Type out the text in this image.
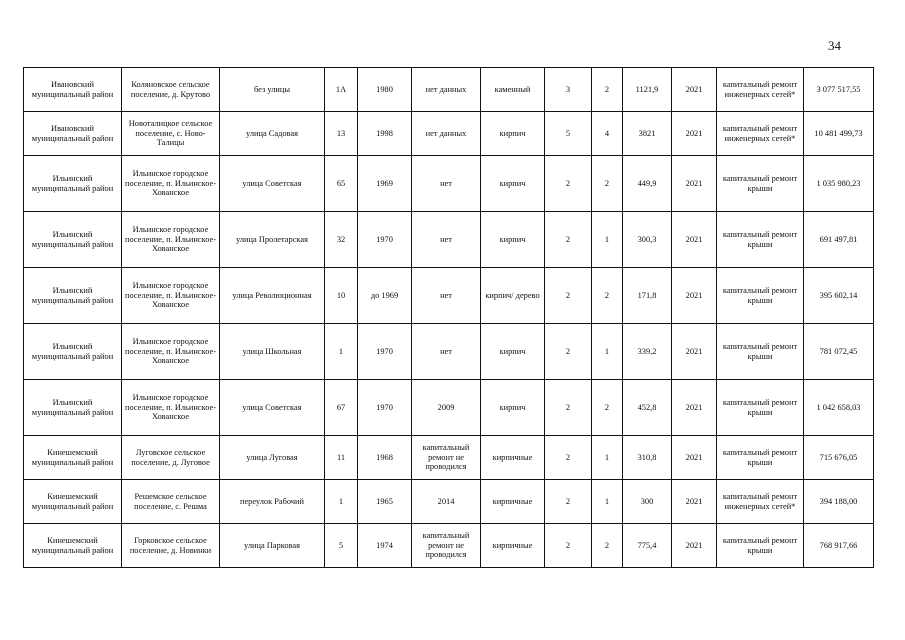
34
Ивановский муниципальный район	Коляновское сельское поселение, д. Крутово	без улицы	1А	1980	нет данных	каменный	3	2	1121,9	2021	капитальный ремонт инженерных сетей*	3 077 517,55
Ивановский муниципальный район	Новоталицкое сельское поселение, с. Ново-Талицы	улица Садовая	13	1998	нет данных	кирпич	5	4	3821	2021	капитальный ремонт инженерных сетей*	10 481 499,73
Ильинский муниципальный район	Ильинское городское поселение, п. Ильинское-Хованское	улица Советская	65	1969	нет	кирпич	2	2	449,9	2021	капитальный ремонт крыши	1 035 980,23
Ильинский муниципальный район	Ильинское городское поселение, п. Ильинское-Хованское	улица Пролетарская	32	1970	нет	кирпич	2	1	300,3	2021	капитальный ремонт крыши	691 497,81
Ильинский муниципальный район	Ильинское городское поселение, п. Ильинское-Хованское	улица Революционная	10	до 1969	нет	кирпич/ дерево	2	2	171,8	2021	капитальный ремонт крыши	395 602,14
Ильинский муниципальный район	Ильинское городское поселение, п. Ильинское-Хованское	улица Школьная	1	1970	нет	кирпич	2	1	339,2	2021	капитальный ремонт крыши	781 072,45
Ильинский муниципальный район	Ильинское городское поселение, п. Ильинское-Хованское	улица Советская	67	1970	2009	кирпич	2	2	452,8	2021	капитальный ремонт крыши	1 042 658,03
Кинешемский муниципальный район	Луговское сельское поселение, д. Луговое	улица Луговая	11	1968	капитальный ремонт не проводился	кирпичные	2	1	310,8	2021	капитальный ремонт крыши	715 676,05
Кинешемский муниципальный район	Решемское сельское поселение, с. Решма	переулок Рабочий	1	1965	2014	кирпичные	2	1	300	2021	капитальный ремонт инженерных сетей*	394 188,00
Кинешемский муниципальный район	Горковское сельское поселение, д. Новинки	улица Парковая	5	1974	капитальный ремонт не проводился	кирпичные	2	2	775,4	2021	капитальный ремонт крыши	768 917,66
